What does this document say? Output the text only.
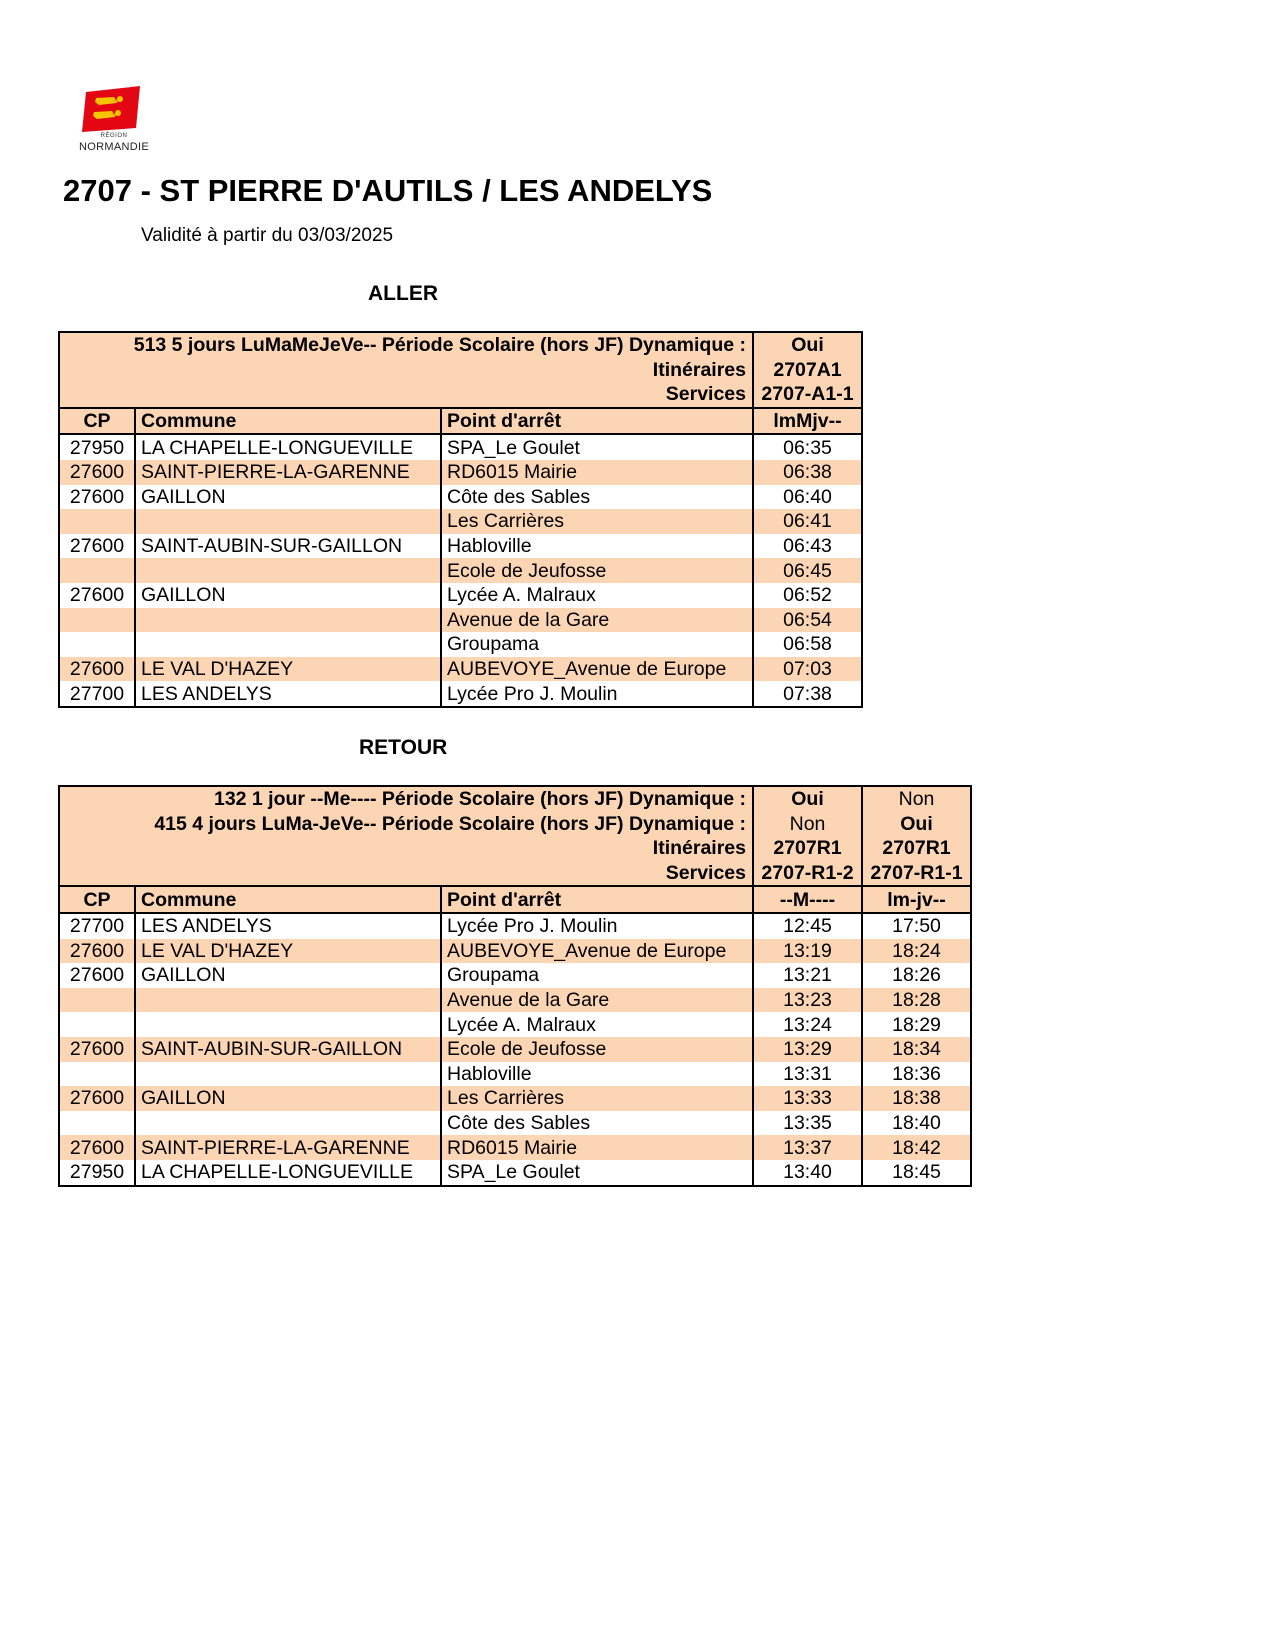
RÉGION
NORMANDIE
2707 - ST PIERRE D'AUTILS / LES ANDELYS
Validité à partir du 03/03/2025
ALLER
513 5 jours LuMaMeJeVe-- Période Scolaire (hors JF) Dynamique :			Oui
Itinéraires			2707A1
Services			2707-A1-1
CP	Commune	Point d'arrêt	lmMjv--
27950	LA CHAPELLE-LONGUEVILLE	SPA_Le Goulet	06:35
27600	SAINT-PIERRE-LA-GARENNE	RD6015 Mairie	06:38
27600	GAILLON	Côte des Sables	06:40
		Les Carrières	06:41
27600	SAINT-AUBIN-SUR-GAILLON	Habloville	06:43
		Ecole de Jeufosse	06:45
27600	GAILLON	Lycée A. Malraux	06:52
		Avenue de la Gare	06:54
		Groupama	06:58
27600	LE VAL D'HAZEY	AUBEVOYE_Avenue de Europe	07:03
27700	LES ANDELYS	Lycée Pro J. Moulin	07:38
RETOUR
132 1 jour --Me---- Période Scolaire (hors JF) Dynamique :			Oui	Non
415 4 jours LuMa-JeVe-- Période Scolaire (hors JF) Dynamique :			Non	Oui
Itinéraires			2707R1	2707R1
Services			2707-R1-2	2707-R1-1
CP	Commune	Point d'arrêt	--M----	lm-jv--
27700	LES ANDELYS	Lycée Pro J. Moulin	12:45	17:50
27600	LE VAL D'HAZEY	AUBEVOYE_Avenue de Europe	13:19	18:24
27600	GAILLON	Groupama	13:21	18:26
		Avenue de la Gare	13:23	18:28
		Lycée A. Malraux	13:24	18:29
27600	SAINT-AUBIN-SUR-GAILLON	Ecole de Jeufosse	13:29	18:34
		Habloville	13:31	18:36
27600	GAILLON	Les Carrières	13:33	18:38
		Côte des Sables	13:35	18:40
27600	SAINT-PIERRE-LA-GARENNE	RD6015 Mairie	13:37	18:42
27950	LA CHAPELLE-LONGUEVILLE	SPA_Le Goulet	13:40	18:45
